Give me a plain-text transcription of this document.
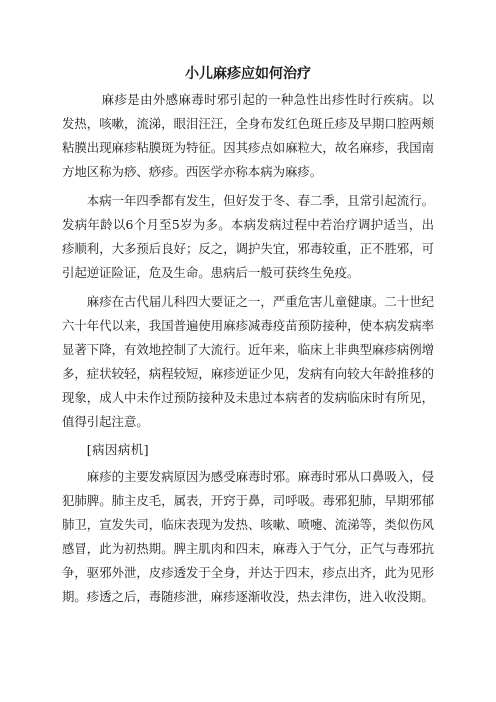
小儿麻疹应如何治疗

麻疹是由外感麻毒时邪引起的一种急性出疹性时行疾病。以发热，咳嗽，流涕，眼泪汪汪，全身布发红色斑丘疹及早期口腔两颊粘膜出现麻疹粘膜斑为特征。因其疹点如麻粒大，故名麻疹，我国南方地区称为痧、痧疹。西医学亦称本病为麻疹。

本病一年四季都有发生，但好发于冬、春二季，且常引起流行。发病年龄以6个月至5岁为多。本病发病过程中若治疗调护适当，出疹顺利，大多预后良好；反之，调护失宜，邪毒较重，正不胜邪，可引起逆证险证，危及生命。患病后一般可获终生免疫。

麻疹在古代届儿科四大要证之一，严重危害儿童健康。二十世纪六十年代以来，我国普遍使用麻疹减毒疫苗预防接种，使本病发病率显著下降，有效地控制了大流行。近年来，临床上非典型麻疹病例增多，症状较轻，病程较短，麻疹逆证少见，发病有向较大年龄推移的现象，成人中未作过预防接种及未患过本病者的发病临床时有所见，值得引起注意。

[病因病机]

麻疹的主要发病原因为感受麻毒时邪。麻毒时邪从口鼻吸入，侵犯肺脾。肺主皮毛，属表，开窍于鼻，司呼吸。毒邪犯肺，早期邪郁肺卫，宣发失司，临床表现为发热、咳嗽、喷嚏、流涕等，类似伤风感冒，此为初热期。脾主肌肉和四末，麻毒入于气分，正气与毒邪抗争，驱邪外泄，皮疹透发于全身，并达于四末，疹点出齐，此为见形期。疹透之后，毒随疹泄，麻疹逐渐收没，热去津伤，进入收没期。
